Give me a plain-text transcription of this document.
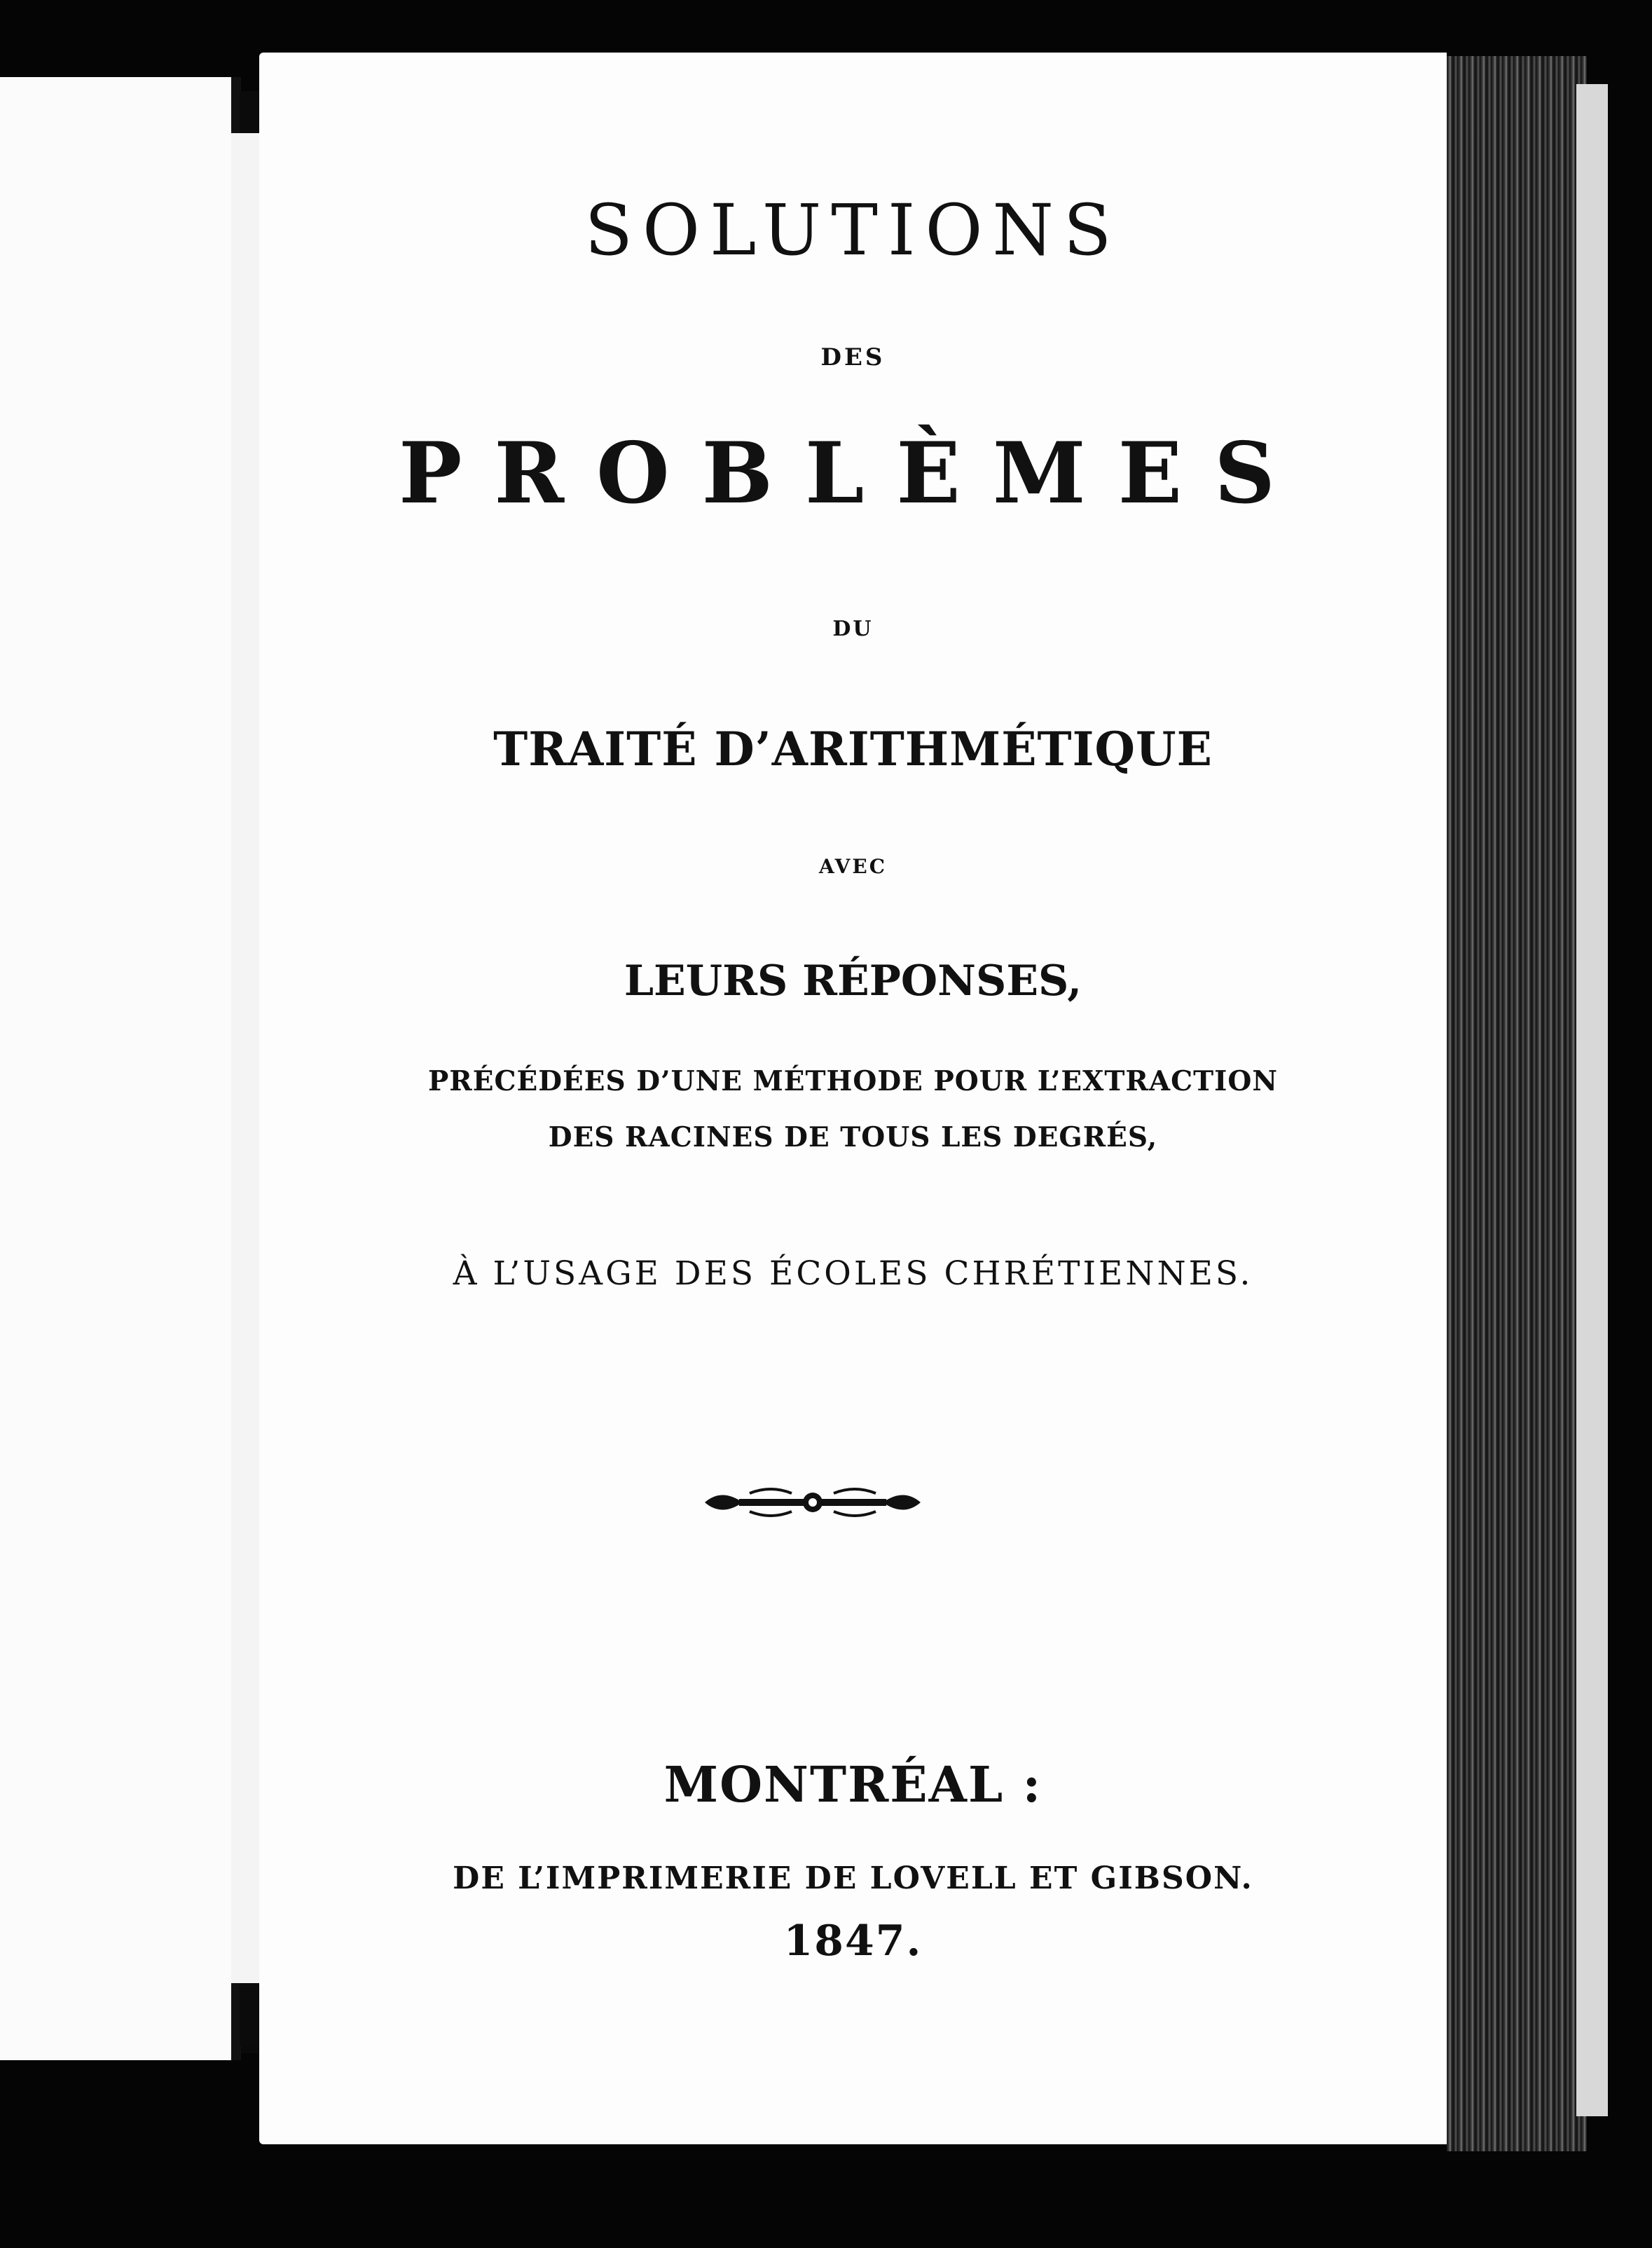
SOLUTIONS
DES
PROBLÈMES
DU
TRAITÉ D’ARITHMÉTIQUE
AVEC
LEURS RÉPONSES,
PRÉCÉDÉES D’UNE MÉTHODE POUR L’EXTRACTION
DES RACINES DE TOUS LES DEGRÉS,
À L’USAGE DES ÉCOLES CHRÉTIENNES.
MONTRÉAL :
DE L’IMPRIMERIE DE LOVELL ET GIBSON.
1847.
